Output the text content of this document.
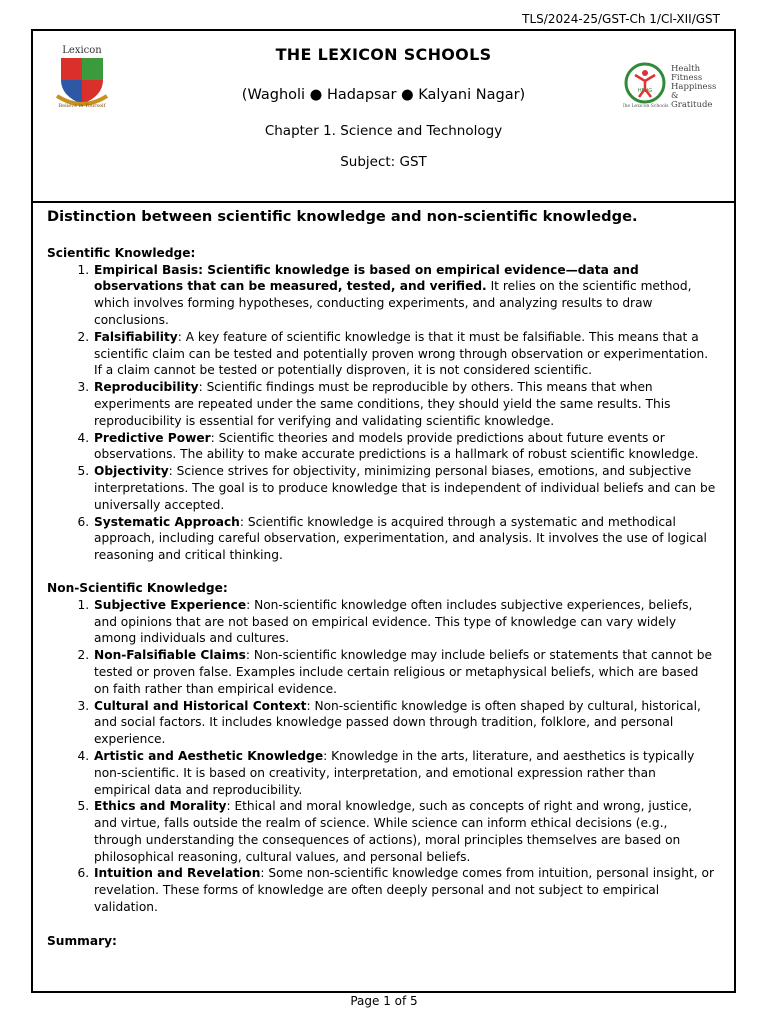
TLS/2024-25/GST-Ch 1/Cl-XII/GST
Lexicon
Believe in Yourself
THE LEXICON SCHOOLS
(Wagholi ● Hadapsar ● Kalyani Nagar)
Chapter 1. Science and Technology
Subject: GST
HFHG
The Lexicon Schools
Health
Fitness
Happiness &
Gratitude
Distinction between scientific knowledge and non-scientific knowledge.
Scientific Knowledge:
1. Empirical Basis: Scientific knowledge is based on empirical evidence—data and observations that can be measured, tested, and verified. It relies on the scientific method, which involves forming hypotheses, conducting experiments, and analyzing results to draw conclusions.
2. Falsifiability: A key feature of scientific knowledge is that it must be falsifiable. This means that a scientific claim can be tested and potentially proven wrong through observation or experimentation. If a claim cannot be tested or potentially disproven, it is not considered scientific.
3. Reproducibility: Scientific findings must be reproducible by others. This means that when experiments are repeated under the same conditions, they should yield the same results. This reproducibility is essential for verifying and validating scientific knowledge.
4. Predictive Power: Scientific theories and models provide predictions about future events or observations. The ability to make accurate predictions is a hallmark of robust scientific knowledge.
5. Objectivity: Science strives for objectivity, minimizing personal biases, emotions, and subjective interpretations. The goal is to produce knowledge that is independent of individual beliefs and can be universally accepted.
6. Systematic Approach: Scientific knowledge is acquired through a systematic and methodical approach, including careful observation, experimentation, and analysis. It involves the use of logical reasoning and critical thinking.
Non-Scientific Knowledge:
1. Subjective Experience: Non-scientific knowledge often includes subjective experiences, beliefs, and opinions that are not based on empirical evidence. This type of knowledge can vary widely among individuals and cultures.
2. Non-Falsifiable Claims: Non-scientific knowledge may include beliefs or statements that cannot be tested or proven false. Examples include certain religious or metaphysical beliefs, which are based on faith rather than empirical evidence.
3. Cultural and Historical Context: Non-scientific knowledge is often shaped by cultural, historical, and social factors. It includes knowledge passed down through tradition, folklore, and personal experience.
4. Artistic and Aesthetic Knowledge: Knowledge in the arts, literature, and aesthetics is typically non-scientific. It is based on creativity, interpretation, and emotional expression rather than empirical data and reproducibility.
5. Ethics and Morality: Ethical and moral knowledge, such as concepts of right and wrong, justice, and virtue, falls outside the realm of science. While science can inform ethical decisions (e.g., through understanding the consequences of actions), moral principles themselves are based on philosophical reasoning, cultural values, and personal beliefs.
6. Intuition and Revelation: Some non-scientific knowledge comes from intuition, personal insight, or revelation. These forms of knowledge are often deeply personal and not subject to empirical validation.
Summary:
Page 1 of 5
